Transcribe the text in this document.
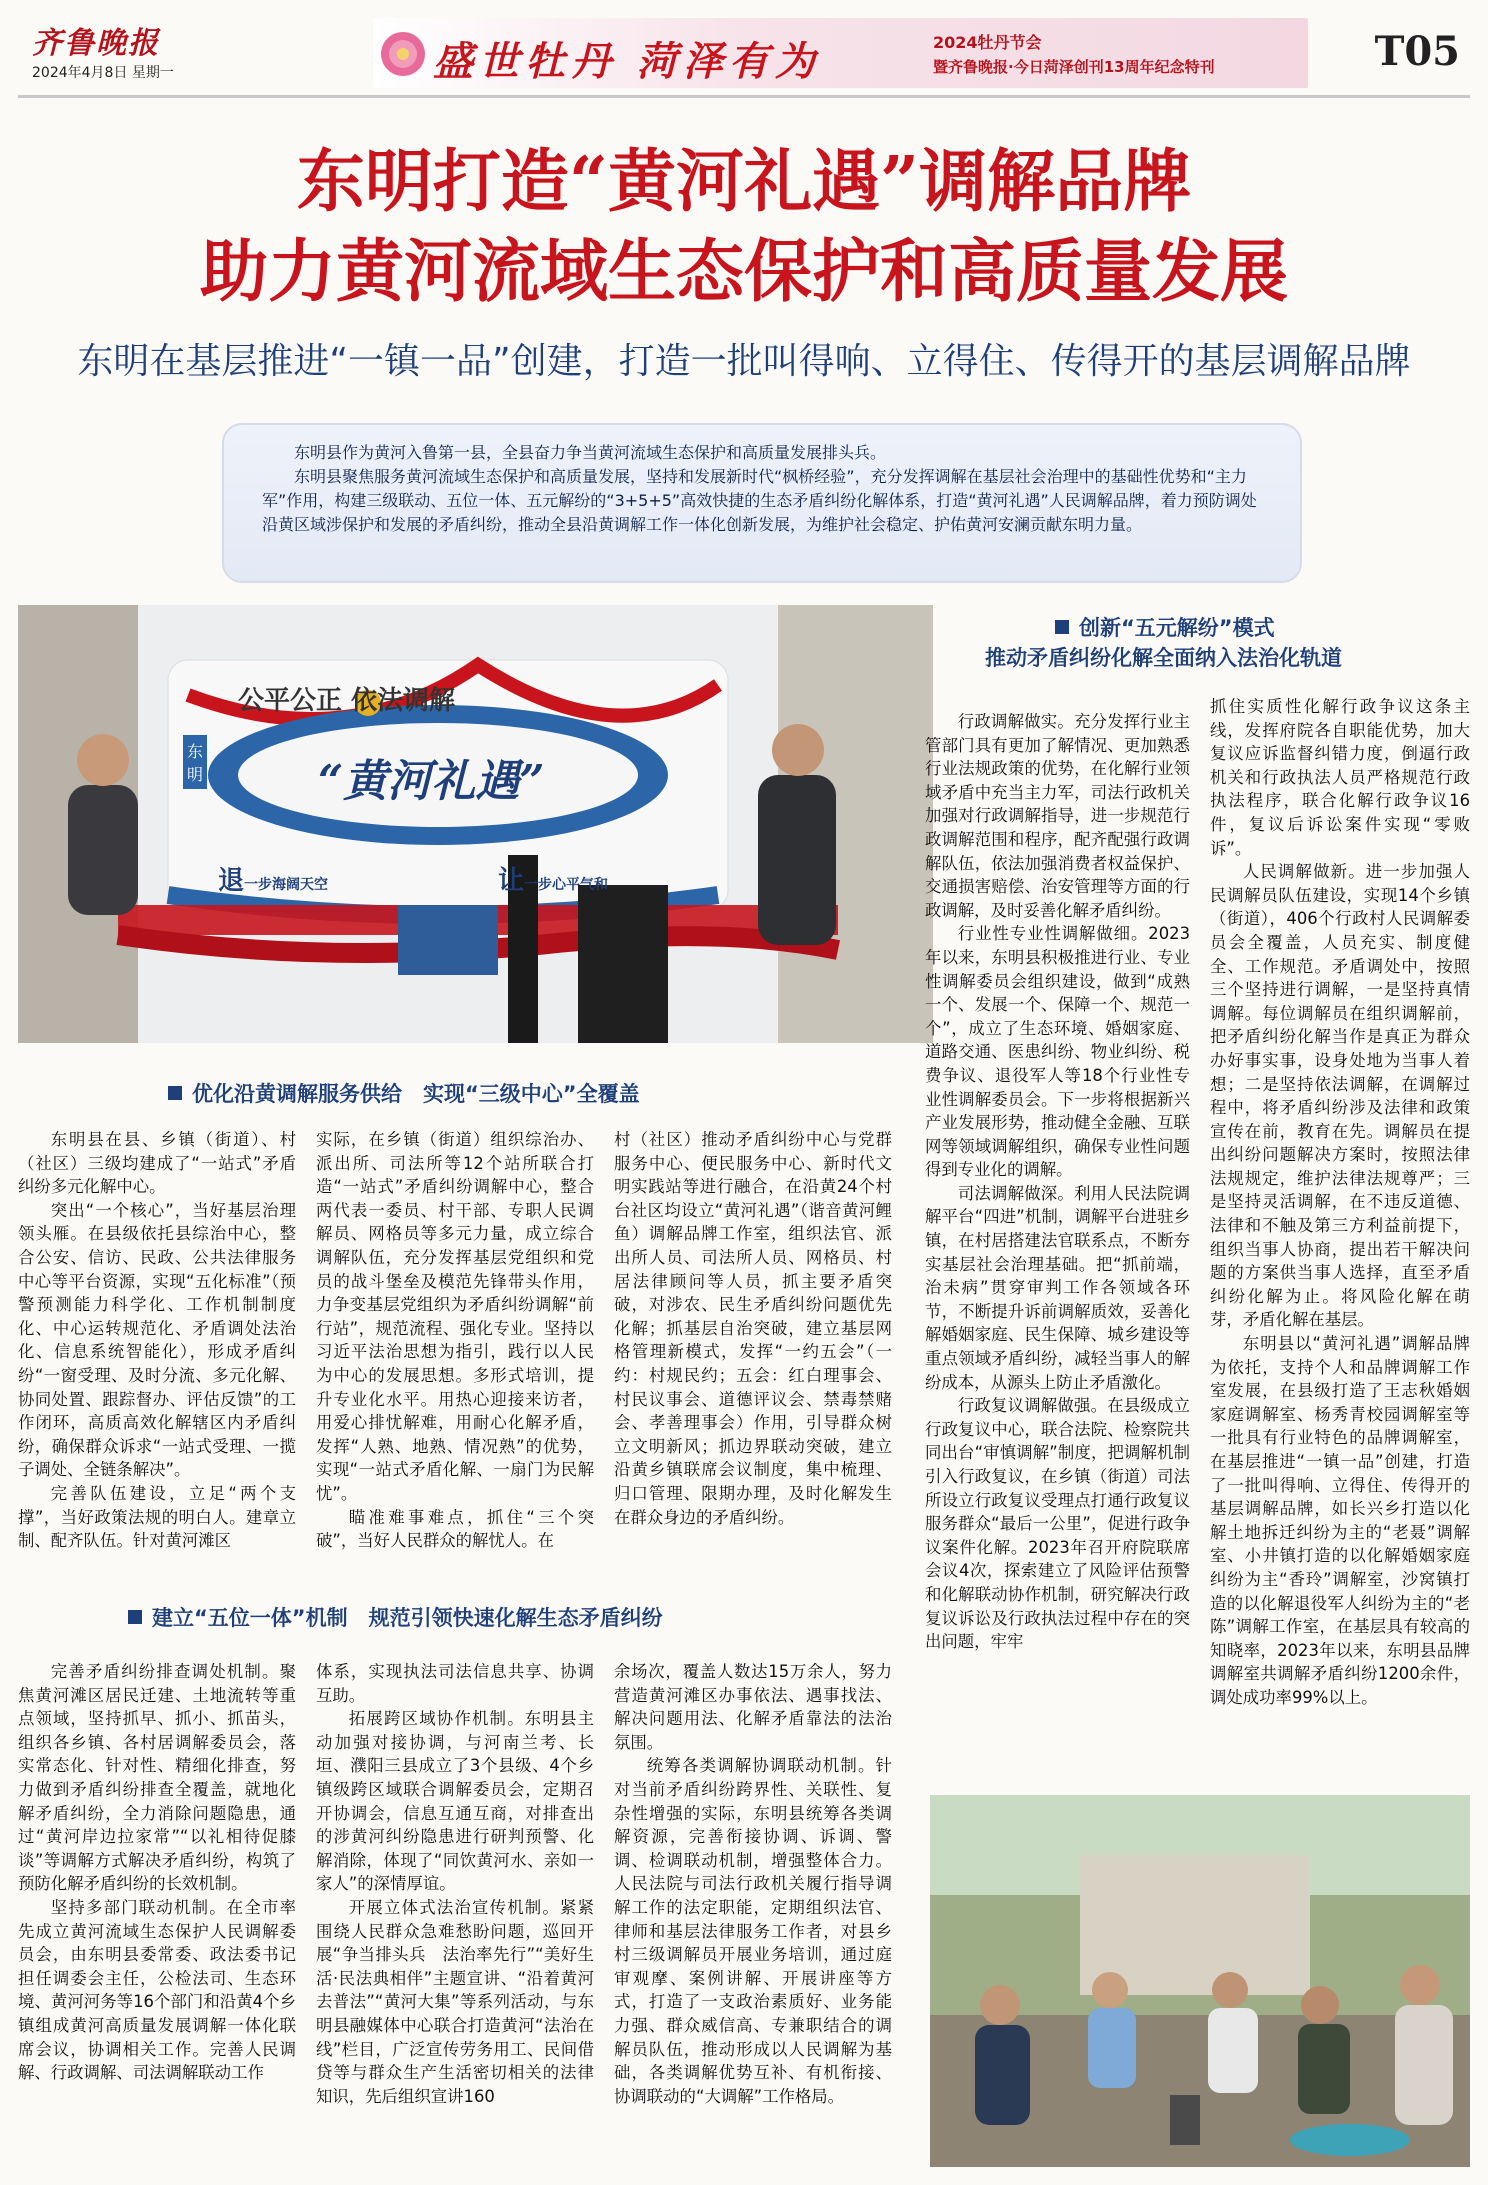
齐鲁晚报
2024年4月8日 星期一	盛世牡丹 菏泽有为	2024牡丹节会
暨齐鲁晚报·今日菏泽创刊13周年纪念特刊	T05
东明打造“黄河礼遇”调解品牌
助力黄河流域生态保护和高质量发展
东明在基层推进“一镇一品”创建，打造一批叫得响、立得住、传得开的基层调解品牌

东明县作为黄河入鲁第一县，全县奋力争当黄河流域生态保护和高质量发展排头兵。

东明县聚焦服务黄河流域生态保护和高质量发展，坚持和发展新时代“枫桥经验”，充分发挥调解在基层社会治理中的基础性优势和“主力军”作用，构建三级联动、五位一体、五元解纷的“3+5+5”高效快捷的生态矛盾纠纷化解体系，打造“黄河礼遇”人民调解品牌，着力预防调处沿黄区域涉保护和发展的矛盾纠纷，推动全县沿黄调解工作一体化创新发展，为维护社会稳定、护佑黄河安澜贡献东明力量。

公平公正 依法调解
“黄河礼遇”
东明
退一步海阔天空	让一步心平气和
优化沿黄调解服务供给　实现“三级中心”全覆盖

东明县在县、乡镇（街道）、村（社区）三级均建成了“一站式”矛盾纠纷多元化解中心。

突出“一个核心”，当好基层治理领头雁。在县级依托县综治中心，整合公安、信访、民政、公共法律服务中心等平台资源，实现“五化标准”（预警预测能力科学化、工作机制制度化、中心运转规范化、矛盾调处法治化、信息系统智能化），形成矛盾纠纷“一窗受理、及时分流、多元化解、协同处置、跟踪督办、评估反馈”的工作闭环，高质高效化解辖区内矛盾纠纷，确保群众诉求“一站式受理、一揽子调处、全链条解决”。

完善队伍建设，立足“两个支撑”，当好政策法规的明白人。建章立制、配齐队伍。针对黄河滩区

实际，在乡镇（街道）组织综治办、派出所、司法所等12个站所联合打造“一站式”矛盾纠纷调解中心，整合两代表一委员、村干部、专职人民调解员、网格员等多元力量，成立综合调解队伍，充分发挥基层党组织和党员的战斗堡垒及模范先锋带头作用，力争变基层党组织为矛盾纠纷调解“前行站”，规范流程、强化专业。坚持以习近平法治思想为指引，践行以人民为中心的发展思想。多形式培训，提升专业化水平。用热心迎接来访者，用爱心排忧解难，用耐心化解矛盾，发挥“人熟、地熟、情况熟”的优势，实现“一站式矛盾化解、一扇门为民解忧”。

瞄准难事难点，抓住“三个突破”，当好人民群众的解忧人。在

村（社区）推动矛盾纠纷中心与党群服务中心、便民服务中心、新时代文明实践站等进行融合，在沿黄24个村台社区均设立“黄河礼遇”（谐音黄河鲤鱼）调解品牌工作室，组织法官、派出所人员、司法所人员、网格员、村居法律顾问等人员，抓主要矛盾突破，对涉农、民生矛盾纠纷问题优先化解；抓基层自治突破，建立基层网格管理新模式，发挥“一约五会”（一约：村规民约；五会：红白理事会、村民议事会、道德评议会、禁毒禁赌会、孝善理事会）作用，引导群众树立文明新风；抓边界联动突破，建立沿黄乡镇联席会议制度，集中梳理、归口管理、限期办理，及时化解发生在群众身边的矛盾纠纷。

建立“五位一体”机制　规范引领快速化解生态矛盾纠纷

完善矛盾纠纷排查调处机制。聚焦黄河滩区居民迁建、土地流转等重点领域，坚持抓早、抓小、抓苗头，组织各乡镇、各村居调解委员会，落实常态化、针对性、精细化排查，努力做到矛盾纠纷排查全覆盖，就地化解矛盾纠纷，全力消除问题隐患，通过“黄河岸边拉家常”“以礼相待促膝谈”等调解方式解决矛盾纠纷，构筑了预防化解矛盾纠纷的长效机制。

坚持多部门联动机制。在全市率先成立黄河流域生态保护人民调解委员会，由东明县委常委、政法委书记担任调委会主任，公检法司、生态环境、黄河河务等16个部门和沿黄4个乡镇组成黄河高质量发展调解一体化联席会议，协调相关工作。完善人民调解、行政调解、司法调解联动工作

体系，实现执法司法信息共享、协调互助。

拓展跨区域协作机制。东明县主动加强对接协调，与河南兰考、长垣、濮阳三县成立了3个县级、4个乡镇级跨区域联合调解委员会，定期召开协调会，信息互通互商，对排查出的涉黄河纠纷隐患进行研判预警、化解消除，体现了“同饮黄河水、亲如一家人”的深情厚谊。

开展立体式法治宣传机制。紧紧围绕人民群众急难愁盼问题，巡回开展“争当排头兵　法治率先行”“美好生活·民法典相伴”主题宣讲、“沿着黄河去普法”“黄河大集”等系列活动，与东明县融媒体中心联合打造黄河“法治在线”栏目，广泛宣传劳务用工、民间借贷等与群众生产生活密切相关的法律知识，先后组织宣讲160

余场次，覆盖人数达15万余人，努力营造黄河滩区办事依法、遇事找法、解决问题用法、化解矛盾靠法的法治氛围。

统筹各类调解协调联动机制。针对当前矛盾纠纷跨界性、关联性、复杂性增强的实际，东明县统筹各类调解资源，完善衔接协调、诉调、警调、检调联动机制，增强整体合力。人民法院与司法行政机关履行指导调解工作的法定职能，定期组织法官、律师和基层法律服务工作者，对县乡村三级调解员开展业务培训，通过庭审观摩、案例讲解、开展讲座等方式，打造了一支政治素质好、业务能力强、群众威信高、专兼职结合的调解员队伍，推动形成以人民调解为基础，各类调解优势互补、有机衔接、协调联动的“大调解”工作格局。

创新“五元解纷”模式
推动矛盾纠纷化解全面纳入法治化轨道

行政调解做实。充分发挥行业主管部门具有更加了解情况、更加熟悉行业法规政策的优势，在化解行业领域矛盾中充当主力军，司法行政机关加强对行政调解指导，进一步规范行政调解范围和程序，配齐配强行政调解队伍，依法加强消费者权益保护、交通损害赔偿、治安管理等方面的行政调解，及时妥善化解矛盾纠纷。

行业性专业性调解做细。2023年以来，东明县积极推进行业、专业性调解委员会组织建设，做到“成熟一个、发展一个、保障一个、规范一个”，成立了生态环境、婚姻家庭、道路交通、医患纠纷、物业纠纷、税费争议、退役军人等18个行业性专业性调解委员会。下一步将根据新兴产业发展形势，推动健全金融、互联网等领域调解组织，确保专业性问题得到专业化的调解。

司法调解做深。利用人民法院调解平台“四进”机制，调解平台进驻乡镇，在村居搭建法官联系点，不断夯实基层社会治理基础。把“抓前端，治未病”贯穿审判工作各领域各环节，不断提升诉前调解质效，妥善化解婚姻家庭、民生保障、城乡建设等重点领域矛盾纠纷，减轻当事人的解纷成本，从源头上防止矛盾激化。

行政复议调解做强。在县级成立行政复议中心，联合法院、检察院共同出台“审慎调解”制度，把调解机制引入行政复议，在乡镇（街道）司法所设立行政复议受理点打通行政复议服务群众“最后一公里”，促进行政争议案件化解。2023年召开府院联席会议4次，探索建立了风险评估预警和化解联动协作机制，研究解决行政复议诉讼及行政执法过程中存在的突出问题，牢牢

抓住实质性化解行政争议这条主线，发挥府院各自职能优势，加大复议应诉监督纠错力度，倒逼行政机关和行政执法人员严格规范行政执法程序，联合化解行政争议16件，复议后诉讼案件实现“零败诉”。

人民调解做新。进一步加强人民调解员队伍建设，实现14个乡镇（街道），406个行政村人民调解委员会全覆盖，人员充实、制度健全、工作规范。矛盾调处中，按照三个坚持进行调解，一是坚持真情调解。每位调解员在组织调解前，把矛盾纠纷化解当作是真正为群众办好事实事，设身处地为当事人着想；二是坚持依法调解，在调解过程中，将矛盾纠纷涉及法律和政策宣传在前，教育在先。调解员在提出纠纷问题解决方案时，按照法律法规规定，维护法律法规尊严；三是坚持灵活调解，在不违反道德、法律和不触及第三方利益前提下，组织当事人协商，提出若干解决问题的方案供当事人选择，直至矛盾纠纷化解为止。将风险化解在萌芽，矛盾化解在基层。

东明县以“黄河礼遇”调解品牌为依托，支持个人和品牌调解工作室发展，在县级打造了王志秋婚姻家庭调解室、杨秀青校园调解室等一批具有行业特色的品牌调解室，在基层推进“一镇一品”创建，打造了一批叫得响、立得住、传得开的基层调解品牌，如长兴乡打造以化解土地拆迁纠纷为主的“老聂”调解室、小井镇打造的以化解婚姻家庭纠纷为主“香玲”调解室，沙窝镇打造的以化解退役军人纠纷为主的“老陈”调解工作室，在基层具有较高的知晓率，2023年以来，东明县品牌调解室共调解矛盾纠纷1200余件，调处成功率99%以上。
